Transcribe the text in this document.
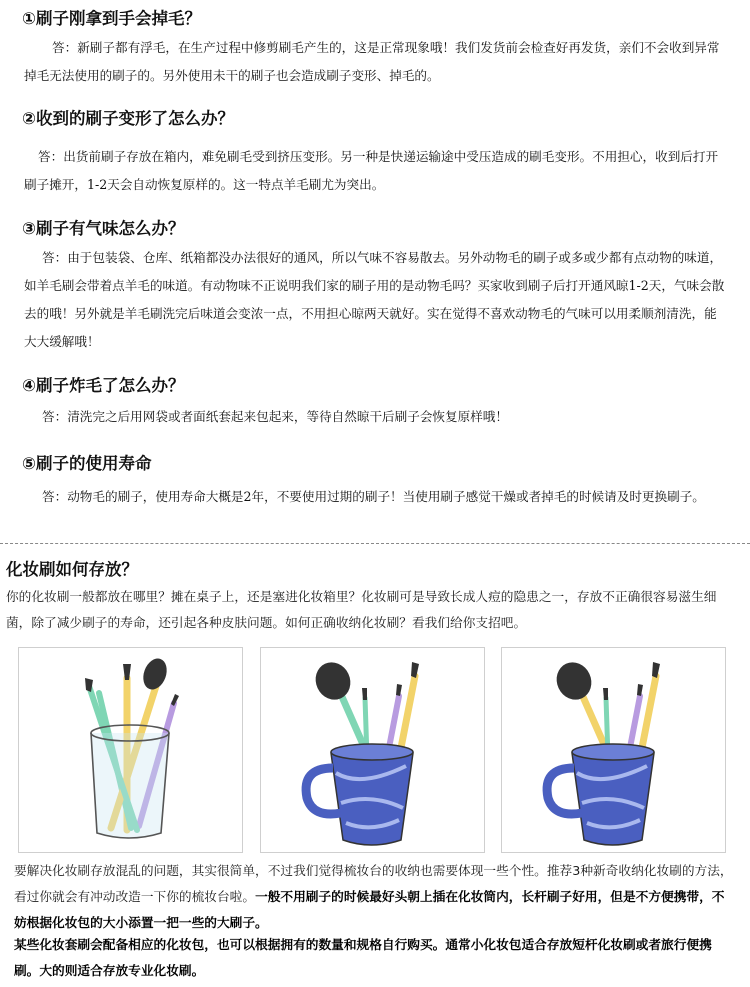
①刷子刚拿到手会掉毛？
答：新刷子都有浮毛，在生产过程中修剪刷毛产生的，这是正常现象哦！我们发货前会检查好再发货，亲们不会收到异常掉毛无法使用的刷子的。另外使用未干的刷子也会造成刷子变形、掉毛的。
②收到的刷子变形了怎么办？
答：出货前刷子存放在箱内，难免刷毛受到挤压变形。另一种是快递运输途中受压造成的刷毛变形。不用担心，收到后打开刷子摊开，1-2天会自动恢复原样的。这一特点羊毛刷尤为突出。
③刷子有气味怎么办？
答：由于包装袋、仓库、纸箱都没办法很好的通风，所以气味不容易散去。另外动物毛的刷子或多或少都有点动物的味道，如羊毛刷会带着点羊毛的味道。有动物味不正说明我们家的刷子用的是动物毛吗？买家收到刷子后打开通风晾1-2天，气味会散去的哦！另外就是羊毛刷洗完后味道会变浓一点，不用担心晾两天就好。实在觉得不喜欢动物毛的气味可以用柔顺剂清洗，能大大缓解哦！
④刷子炸毛了怎么办？
答：清洗完之后用网袋或者面纸套起来包起来，等待自然晾干后刷子会恢复原样哦！
⑤刷子的使用寿命
答：动物毛的刷子，使用寿命大概是2年，不要使用过期的刷子！当使用刷子感觉干燥或者掉毛的时候请及时更换刷子。
化妆刷如何存放？
你的化妆刷一般都放在哪里？摊在桌子上，还是塞进化妆箱里？化妆刷可是导致长成人痘的隐患之一，存放不正确很容易滋生细菌，除了减少刷子的寿命，还引起各种皮肤问题。如何正确收纳化妆刷？看我们给你支招吧。
要解决化妆刷存放混乱的问题，其实很简单，不过我们觉得梳妆台的收纳也需要体现一些个性。推荐3种新奇收纳化妆刷的方法，看过你就会有冲动改造一下你的梳妆台啦。一般不用刷子的时候最好头朝上插在化妆筒内，长杆刷子好用，但是不方便携带，不妨根据化妆包的大小添置一把一些的大刷子。
某些化妆套刷会配备相应的化妆包，也可以根据拥有的数量和规格自行购买。通常小化妆包适合存放短杆化妆刷或者旅行便携刷。大的则适合存放专业化妆刷。
